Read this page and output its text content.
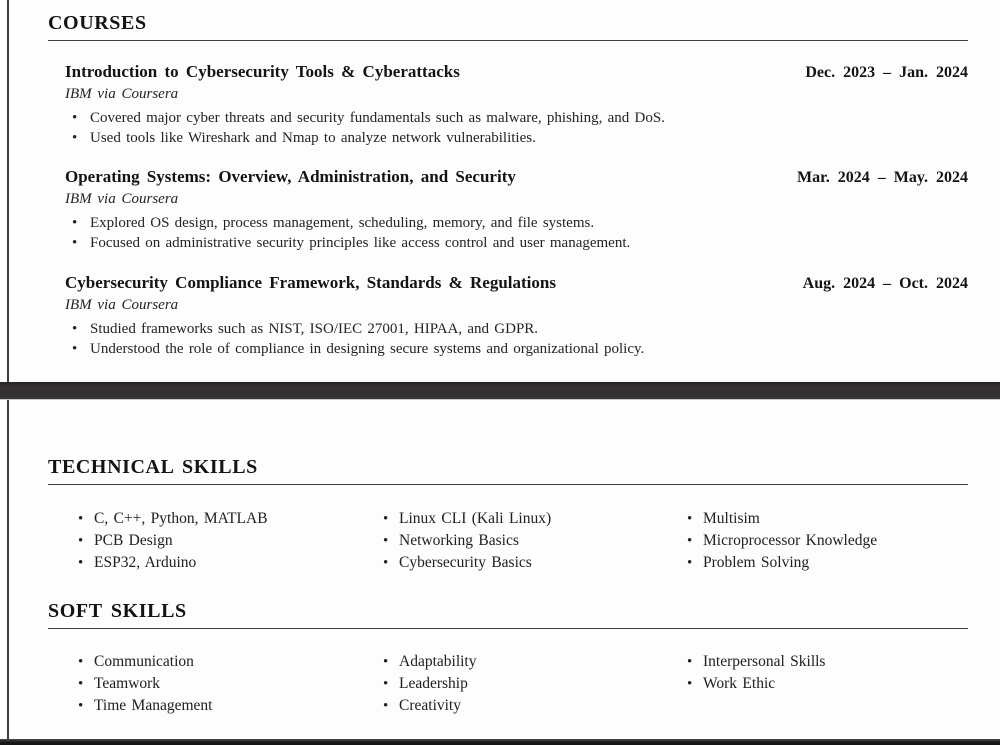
COURSES
Introduction to Cybersecurity Tools & Cyberattacks	Dec. 2023 – Jan. 2024
IBM via Coursera
•
Covered major cyber threats and security fundamentals such as malware, phishing, and DoS.
•
Used tools like Wireshark and Nmap to analyze network vulnerabilities.
Operating Systems: Overview, Administration, and Security	Mar. 2024 – May. 2024
IBM via Coursera
•
Explored OS design, process management, scheduling, memory, and file systems.
•
Focused on administrative security principles like access control and user management.
Cybersecurity Compliance Framework, Standards & Regulations	Aug. 2024 – Oct. 2024
IBM via Coursera
•
Studied frameworks such as NIST, ISO/IEC 27001, HIPAA, and GDPR.
•
Understood the role of compliance in designing secure systems and organizational policy.
TECHNICAL SKILLS
•
C, C++, Python, MATLAB
•
PCB Design
•
ESP32, Arduino
•
Linux CLI (Kali Linux)
•
Networking Basics
•
Cybersecurity Basics
•
Multisim
•
Microprocessor Knowledge
•
Problem Solving
SOFT SKILLS
•
Communication
•
Teamwork
•
Time Management
•
Adaptability
•
Leadership
•
Creativity
•
Interpersonal Skills
•
Work Ethic
